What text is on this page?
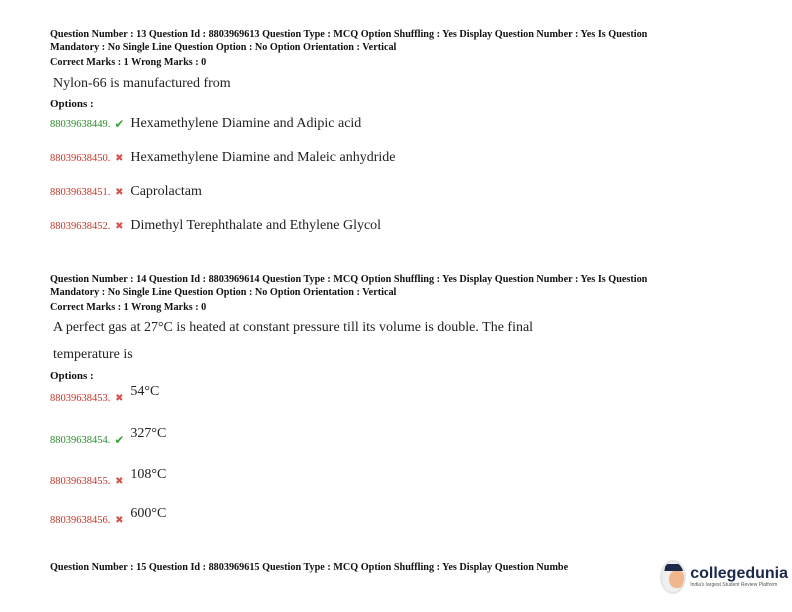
Question Number : 13 Question Id : 8803969613 Question Type : MCQ Option Shuffling : Yes Display Question Number : Yes Is Question
Mandatory : No Single Line Question Option : No Option Orientation : Vertical
Correct Marks : 1 Wrong Marks : 0
Nylon-66 is manufactured from
Options :
88039638449. ✔ Hexamethylene Diamine and Adipic acid
88039638450. ✖ Hexamethylene Diamine and Maleic anhydride
88039638451. ✖ Caprolactam
88039638452. ✖ Dimethyl Terephthalate and Ethylene Glycol
Question Number : 14 Question Id : 8803969614 Question Type : MCQ Option Shuffling : Yes Display Question Number : Yes Is Question
Mandatory : No Single Line Question Option : No Option Orientation : Vertical
Correct Marks : 1 Wrong Marks : 0
A perfect gas at 27°C is heated at constant pressure till its volume is double. The final
temperature is
Options :
88039638453. ✖ 54°C
88039638454. ✔ 327°C
88039638455. ✖ 108°C
88039638456. ✖ 600°C
Question Number : 15 Question Id : 8803969615 Question Type : MCQ Option Shuffling : Yes Display Question Numbe	collegedunia
India's largest Student Review Platform
